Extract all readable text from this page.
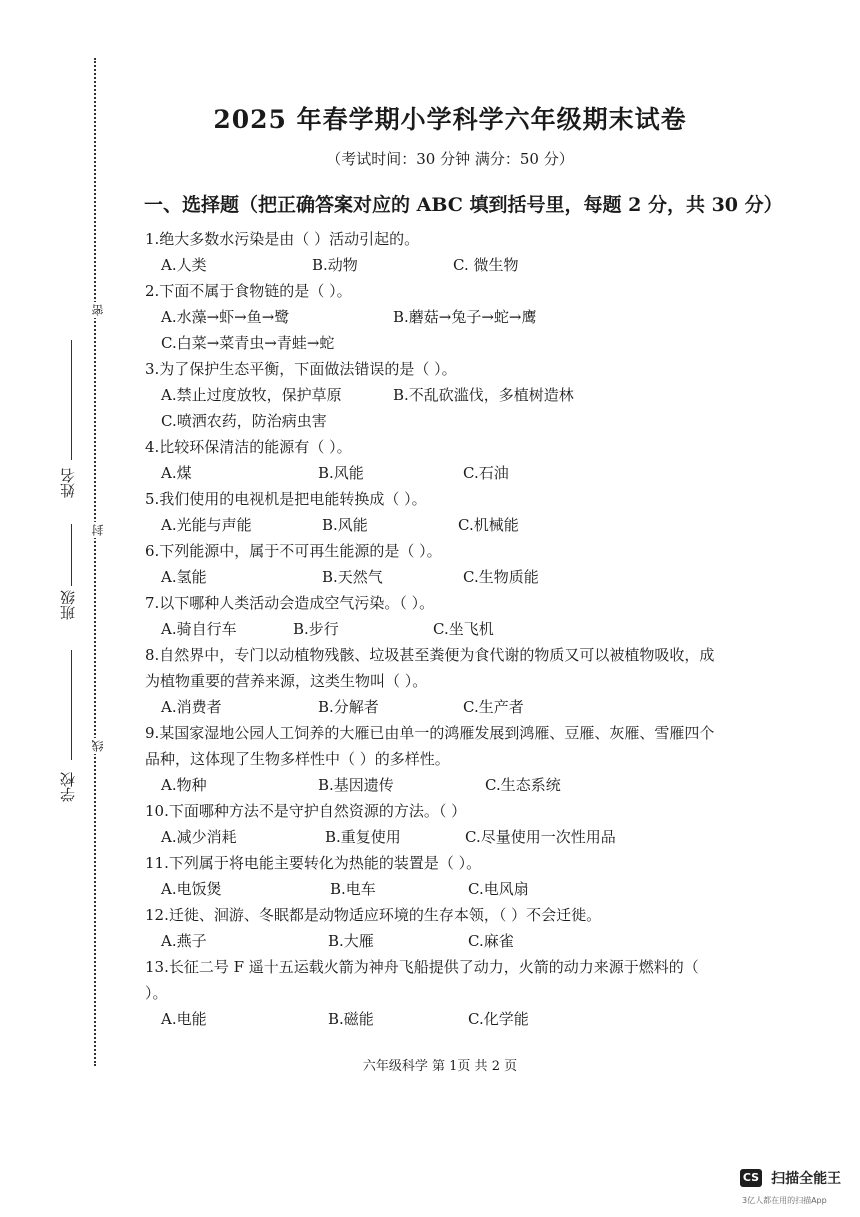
姓名
班级
学校
密
封
线
2025 年春学期小学科学六年级期末试卷
（考试时间：30 分钟 满分：50 分）
一、选择题（把正确答案对应的 ABC 填到括号里，每题 2 分，共 30 分）
1.绝大多数水污染是由（ ）活动引起的。
A.人类	B.动物	C. 微生物
2.下面不属于食物链的是（ ）。
A.水藻→虾→鱼→鹭	B.蘑菇→兔子→蛇→鹰
C.白菜→菜青虫→青蛙→蛇
3.为了保护生态平衡，下面做法错误的是（ ）。
A.禁止过度放牧，保护草原	B.不乱砍滥伐，多植树造林
C.喷洒农药，防治病虫害
4.比较环保清洁的能源有（ ）。
A.煤	B.风能	C.石油
5.我们使用的电视机是把电能转换成（ ）。
A.光能与声能	B.风能	C.机械能
6.下列能源中，属于不可再生能源的是（ ）。
A.氢能	B.天然气	C.生物质能
7.以下哪种人类活动会造成空气污染。（ ）。
A.骑自行车	B.步行	C.坐飞机
8.自然界中，专门以动植物残骸、垃圾甚至粪便为食代谢的物质又可以被植物吸收，成为植物重要的营养来源，这类生物叫（ ）。
A.消费者	B.分解者	C.生产者
9.某国家湿地公园人工饲养的大雁已由单一的鸿雁发展到鸿雁、豆雁、灰雁、雪雁四个品种，这体现了生物多样性中（ ）的多样性。
A.物种	B.基因遗传	C.生态系统
10.下面哪种方法不是守护自然资源的方法。（ ）
A.减少消耗	B.重复使用	C.尽量使用一次性用品
11.下列属于将电能主要转化为热能的装置是（ ）。
A.电饭煲	B.电车	C.电风扇
12.迁徙、洄游、冬眠都是动物适应环境的生存本领，（ ）不会迁徙。
A.燕子	B.大雁	C.麻雀
13.长征二号 F 遥十五运载火箭为神舟飞船提供了动力，火箭的动力来源于燃料的（ ）。
A.电能	B.磁能	C.化学能
六年级科学 第 1页 共 2 页
CS 扫描全能王
3亿人都在用的扫描App
